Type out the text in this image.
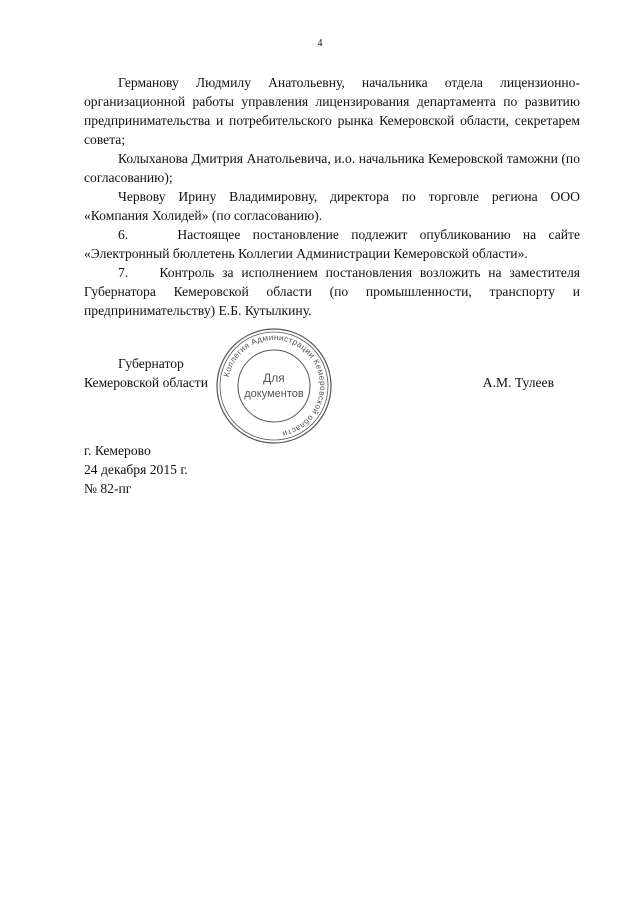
4

Германову Людмилу Анатольевну, начальника отдела лицензионно-организационной работы управления лицензирования департамента по развитию предпринимательства и потребительского рынка Кемеровской области, секретарем совета;

Колыханова Дмитрия Анатольевича, и.о. начальника Кемеровской таможни (по согласованию);

Червову Ирину Владимировну, директора по торговле региона ООО «Компания Холидей» (по согласованию).

6.    Настоящее постановление подлежит опубликованию на сайте «Электронный бюллетень Коллегии Администрации Кемеровской области».

7.    Контроль за исполнением постановления возложить на заместителя Губернатора Кемеровской области (по промышленности, транспорту и предпринимательству) Е.Б. Кутылкину.

Губернатор
Кемеровской области	А.М. Тулеев
Коллегия Администрации Кемеровской области
Для
документов
г. Кемерово
24 декабря 2015 г.
№ 82-пг
